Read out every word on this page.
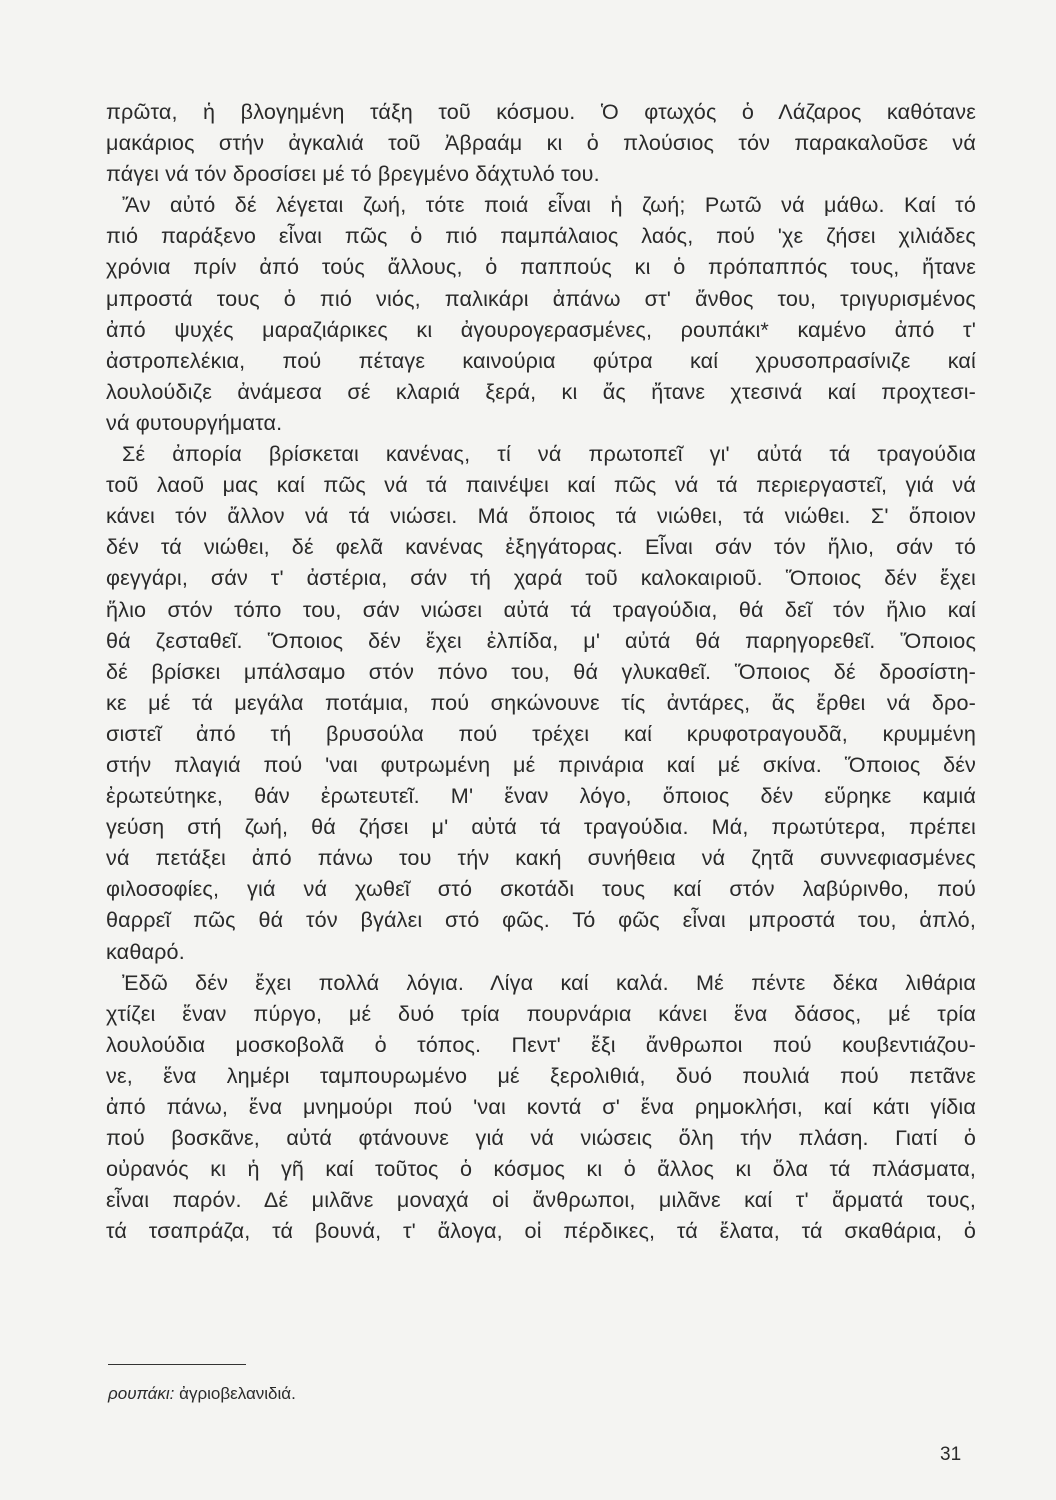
πρῶτα, ἡ βλογημένη τάξη τοῦ κόσμου. Ὁ φτωχός ὁ Λάζαρος καθότανε
μακάριος στήν ἀγκαλιά τοῦ Ἀβραάμ κι ὁ πλούσιος τόν παρακαλοῦσε νά
πάγει νά τόν δροσίσει μέ τό βρεγμένο δάχτυλό του.
Ἄν αὐτό δέ λέγεται ζωή, τότε ποιά εἶναι ἡ ζωή; Ρωτῶ νά μάθω. Καί τό
πιό παράξενο εἶναι πῶς ὁ πιό παμπάλαιος λαός, πού 'χε ζήσει χιλιάδες
χρόνια πρίν ἀπό τούς ἄλλους, ὁ παππούς κι ὁ πρόπαππός τους, ἤτανε
μπροστά τους ὁ πιό νιός, παλικάρι ἀπάνω στ' ἄνθος του, τριγυρισμένος
ἀπό ψυχές μαραζιάρικες κι ἀγουρογερασμένες, ρουπάκι* καμένο ἀπό τ'
ἀστροπελέκια, πού πέταγε καινούρια φύτρα καί χρυσοπρασίνιζε καί
λουλούδιζε ἀνάμεσα σέ κλαριά ξερά, κι ἄς ἤτανε χτεσινά καί προχτεσι-
νά φυτουργήματα.
Σέ ἀπορία βρίσκεται κανένας, τί νά πρωτοπεῖ γι' αὐτά τά τραγούδια
τοῦ λαοῦ μας καί πῶς νά τά παινέψει καί πῶς νά τά περιεργαστεῖ, γιά νά
κάνει τόν ἄλλον νά τά νιώσει. Μά ὅποιος τά νιώθει, τά νιώθει. Σ' ὅποιον
δέν τά νιώθει, δέ φελᾶ κανένας ἐξηγάτορας. Εἶναι σάν τόν ἥλιο, σάν τό
φεγγάρι, σάν τ' ἀστέρια, σάν τή χαρά τοῦ καλοκαιριοῦ. Ὅποιος δέν ἔχει
ἥλιο στόν τόπο του, σάν νιώσει αὐτά τά τραγούδια, θά δεῖ τόν ἥλιο καί
θά ζεσταθεῖ. Ὅποιος δέν ἔχει ἐλπίδα, μ' αὐτά θά παρηγορεθεῖ. Ὅποιος
δέ βρίσκει μπάλσαμο στόν πόνο του, θά γλυκαθεῖ. Ὅποιος δέ δροσίστη-
κε μέ τά μεγάλα ποτάμια, πού σηκώνουνε τίς ἀντάρες, ἄς ἔρθει νά δρο-
σιστεῖ ἀπό τή βρυσούλα πού τρέχει καί κρυφοτραγουδᾶ, κρυμμένη
στήν πλαγιά πού 'ναι φυτρωμένη μέ πρινάρια καί μέ σκίνα. Ὅποιος δέν
ἐρωτεύτηκε, θάν ἐρωτευτεῖ. Μ' ἕναν λόγο, ὅποιος δέν εὕρηκε καμιά
γεύση στή ζωή, θά ζήσει μ' αὐτά τά τραγούδια. Μά, πρωτύτερα, πρέπει
νά πετάξει ἀπό πάνω του τήν κακή συνήθεια νά ζητᾶ συννεφιασμένες
φιλοσοφίες, γιά νά χωθεῖ στό σκοτάδι τους καί στόν λαβύρινθο, πού
θαρρεῖ πῶς θά τόν βγάλει στό φῶς. Τό φῶς εἶναι μπροστά του, ἁπλό,
καθαρό.
Ἐδῶ δέν ἔχει πολλά λόγια. Λίγα καί καλά. Μέ πέντε δέκα λιθάρια
χτίζει ἕναν πύργο, μέ δυό τρία πουρνάρια κάνει ἕνα δάσος, μέ τρία
λουλούδια μοσκοβολᾶ ὁ τόπος. Πεντ' ἔξι ἄνθρωποι πού κουβεντιάζου-
νε, ἕνα λημέρι ταμπουρωμένο μέ ξερολιθιά, δυό πουλιά πού πετᾶνε
ἀπό πάνω, ἕνα μνημούρι πού 'ναι κοντά σ' ἕνα ρημοκλήσι, καί κάτι γίδια
πού βοσκᾶνε, αὐτά φτάνουνε γιά νά νιώσεις ὅλη τήν πλάση. Γιατί ὁ
οὐρανός κι ἡ γῆ καί τοῦτος ὁ κόσμος κι ὁ ἄλλος κι ὅλα τά πλάσματα,
εἶναι παρόν. Δέ μιλᾶνε μοναχά οἱ ἄνθρωποι, μιλᾶνε καί τ' ἅρματά τους,
τά τσαπράζα, τά βουνά, τ' ἄλογα, οἱ πέρδικες, τά ἔλατα, τά σκαθάρια, ὁ
ρουπάκι: ἀγριοβελανιδιά.
31
